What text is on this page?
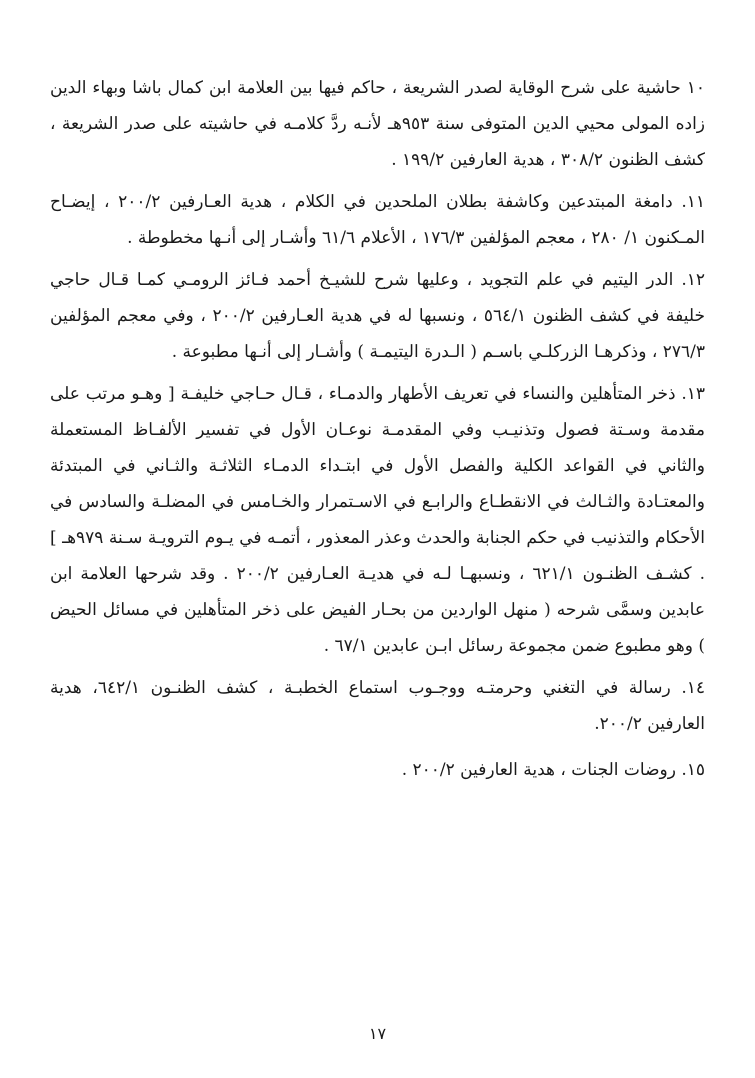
١٠ حاشية على شرح الوقاية لصدر الشريعة ، حاكم فيها بين العلامة ابن كمال باشا وبهاء الدين زاده المولى محيي الدين المتوفى سنة ٩٥٣هـ لأنـه ردَّ كلامـه في حاشيته على صدر الشريعة ، كشف الظنون ٣٠٨/٢ ، هدية العارفين ١٩٩/٢ .

١١. دامغة المبتدعين وكاشفة بطلان الملحدين في الكلام ، هدية العـارفين ٢٠٠/٢ ، إيضـاح المـكنون ١/ ٢٨٠ ، معجم المؤلفين ١٧٦/٣ ، الأعلام ٦١/٦ وأشـار إلى أنـها مخطوطة .

١٢. الدر اليتيم في علم التجويد ، وعليها شرح للشيـخ أحمد فـائز الرومـي كمـا قـال حاجي خليفة في كشف الظنون ٥٦٤/١ ، ونسبها له في هدية العـارفين ٢٠٠/٢ ، وفي معجم المؤلفين ٢٧٦/٣ ، وذكرهـا الزركلـي باسـم ( الـدرة اليتيمـة ) وأشـار إلى أنـها مطبوعة .

١٣. ذخر المتأهلين والنساء في تعريف الأطهار والدمـاء ، قـال حـاجي خليفـة [ وهـو مرتب على مقدمة وسـتة فصول وتذنيـب وفي المقدمـة نوعـان الأول في تفسير الألفـاظ المستعملة والثاني في القواعد الكلية والفصل الأول في ابتـداء الدمـاء الثلاثـة والثـاني في المبتدئة والمعتـادة والثـالث في الانقطـاع والرابـع في الاسـتمرار والخـامس في المضلـة والسادس في الأحكام والتذنيب في حكم الجنابة والحدث وعذر المعذور ، أتمـه في يـوم الترويـة سـنة ٩٧٩هـ ] . كشـف الظنـون ٦٢١/١ ، ونسبهـا لـه في هديـة العـارفين ٢٠٠/٢ . وقد شرحها العلامة ابن عابدين وسمَّى شرحه ( منهل الواردين من بحـار الفيض على ذخر المتأهلين في مسائل الحيض ) وهو مطبوع ضمن مجموعة رسائل ابـن عابدين ٦٧/١ .

١٤. رسالة في التغني وحرمتـه ووجـوب استماع الخطبـة ، كشف الظنـون ٦٤٢/١، هدية العارفين ٢٠٠/٢.

١٥. روضات الجنات ، هدية العارفين ٢٠٠/٢ .

١٧
